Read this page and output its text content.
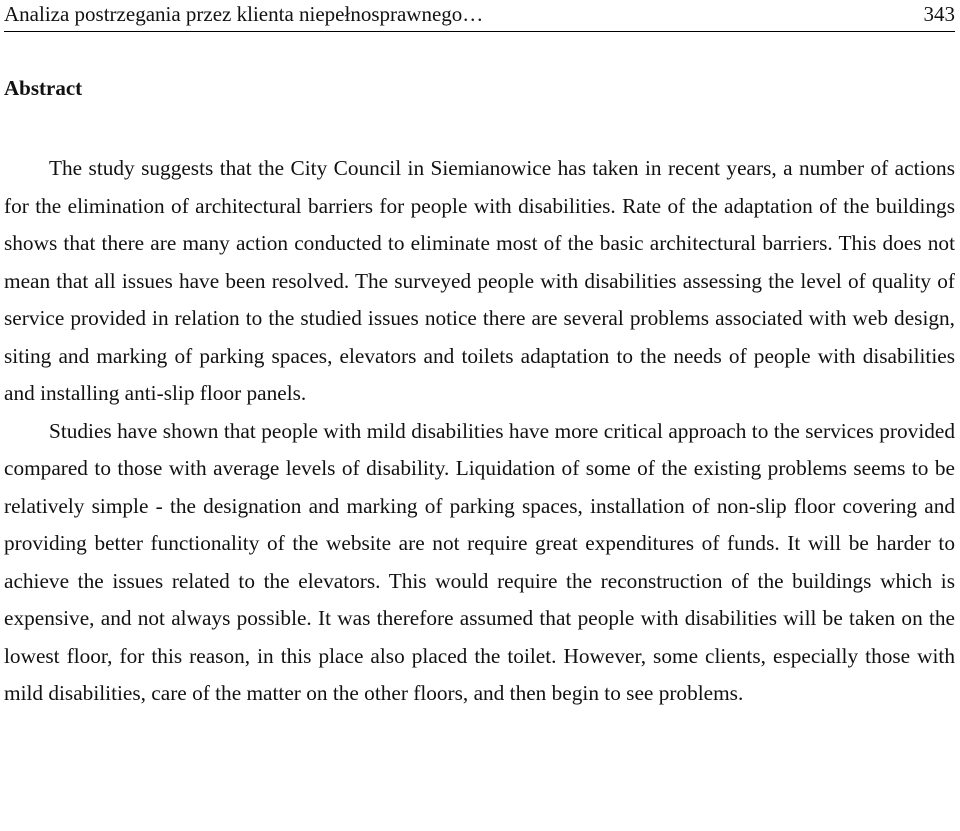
Analiza postrzegania przez klienta niepełnosprawnego…	343
Abstract

The study suggests that the City Council in Siemianowice has taken in recent years, a number of actions for the elimination of architectural barriers for people with disabilities. Rate of the adaptation of the buildings shows that there are many action conducted to eliminate most of the basic architectural barriers. This does not mean that all issues have been resolved. The surveyed people with disabilities assessing the level of quality of service provided in relation to the studied issues notice there are several problems associated with web design, siting and marking of parking spaces, elevators and toilets adaptation to the needs of people with disabilities and installing anti-slip floor panels.

Studies have shown that people with mild disabilities have more critical approach to the services provided compared to those with average levels of disability. Liquidation of some of the existing problems seems to be relatively simple - the designation and marking of parking spaces, installation of non-slip floor covering and providing better functionality of the website are not require great expenditures of funds. It will be harder to achieve the issues related to the elevators. This would require the reconstruction of the buildings which is expensive, and not always possible. It was therefore assumed that people with disabilities will be taken on the lowest floor, for this reason, in this place also placed the toilet. However, some clients, especially those with mild disabilities, care of the matter on the other floors, and then begin to see problems.
